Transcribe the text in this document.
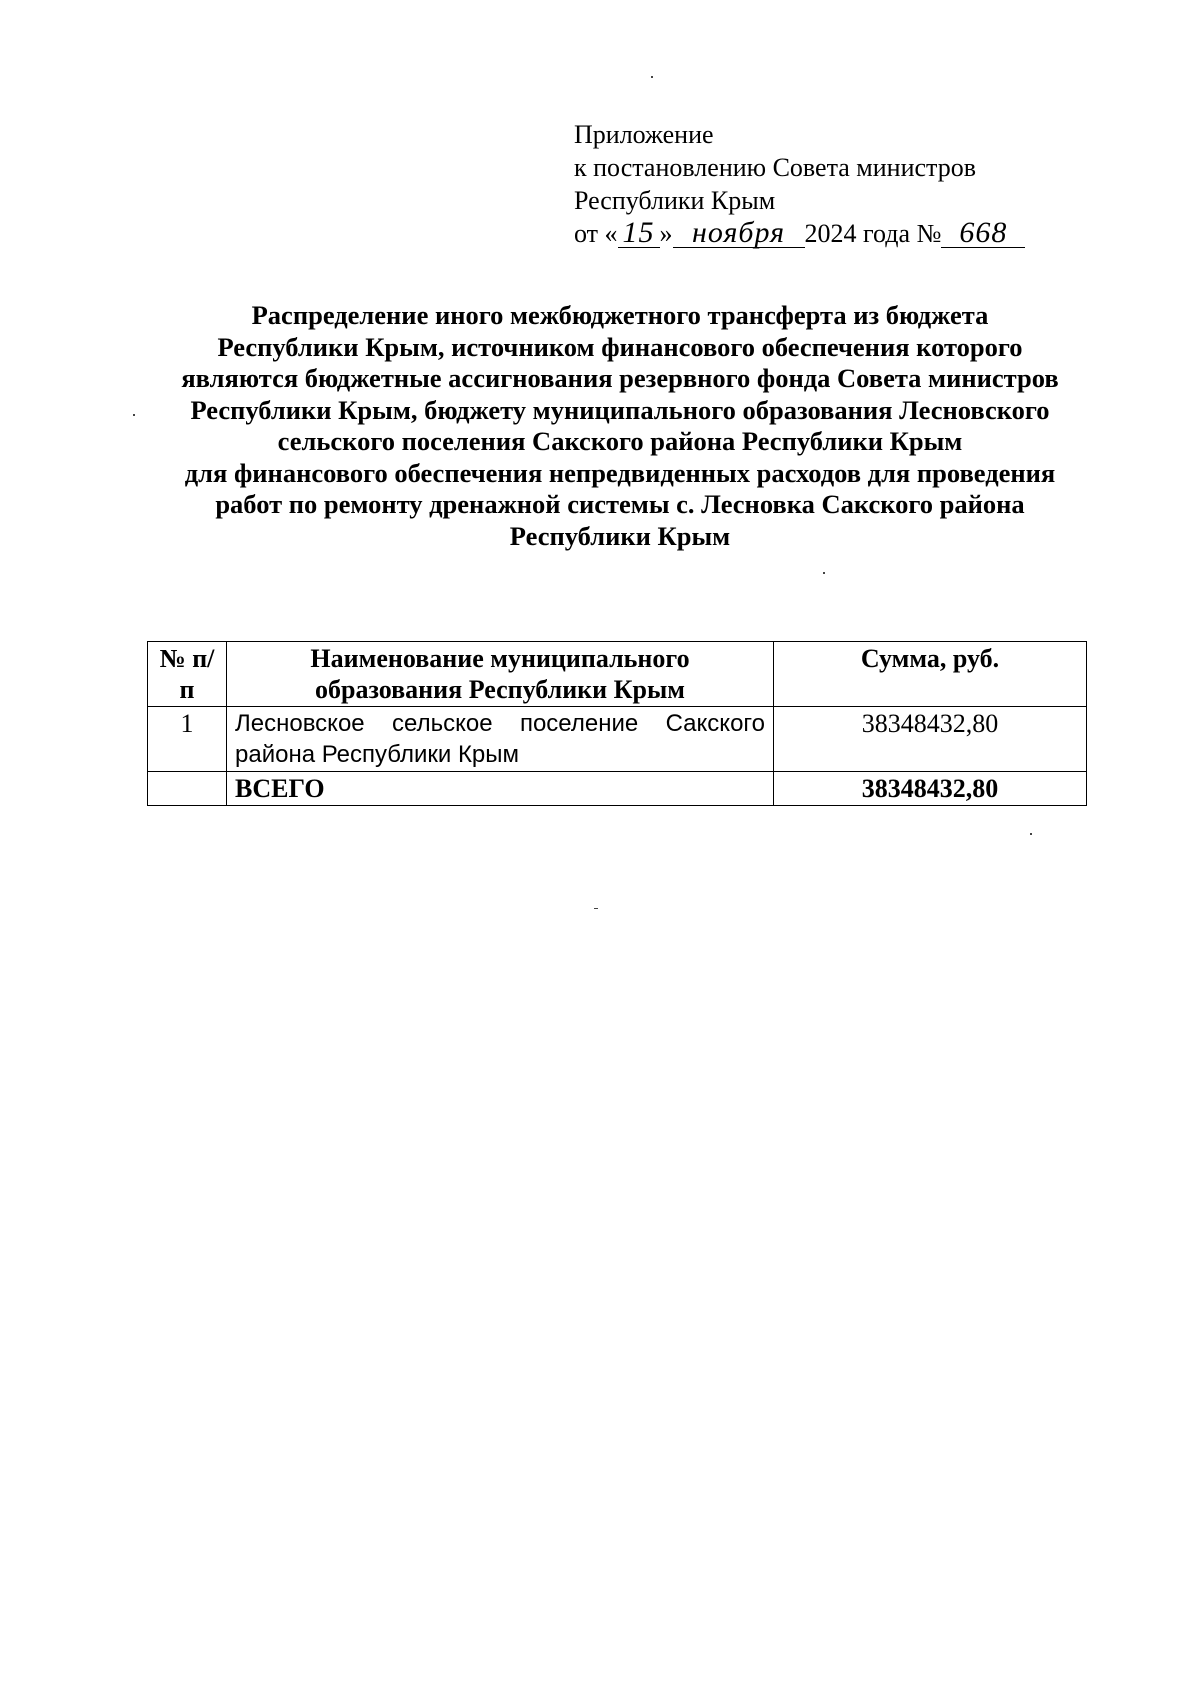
Приложение
к постановлению Совета министров
Республики Крым
от « 15 » ноября 2024 года № 668
Распределение иного межбюджетного трансферта из бюджета
Республики Крым, источником финансового обеспечения которого
являются бюджетные ассигнования резервного фонда Совета министров
Республики Крым, бюджету муниципального образования Лесновского
сельского поселения Сакского района Республики Крым
для финансового обеспечения непредвиденных расходов для проведения
работ по ремонту дренажной системы с. Лесновка Сакского района
Республики Крым
№ п/п	Наименование муниципального образования Республики Крым	Сумма, руб.
1	Лесновское сельское поселение Сакского района Республики Крым	38348432,80
	ВСЕГО	38348432,80
